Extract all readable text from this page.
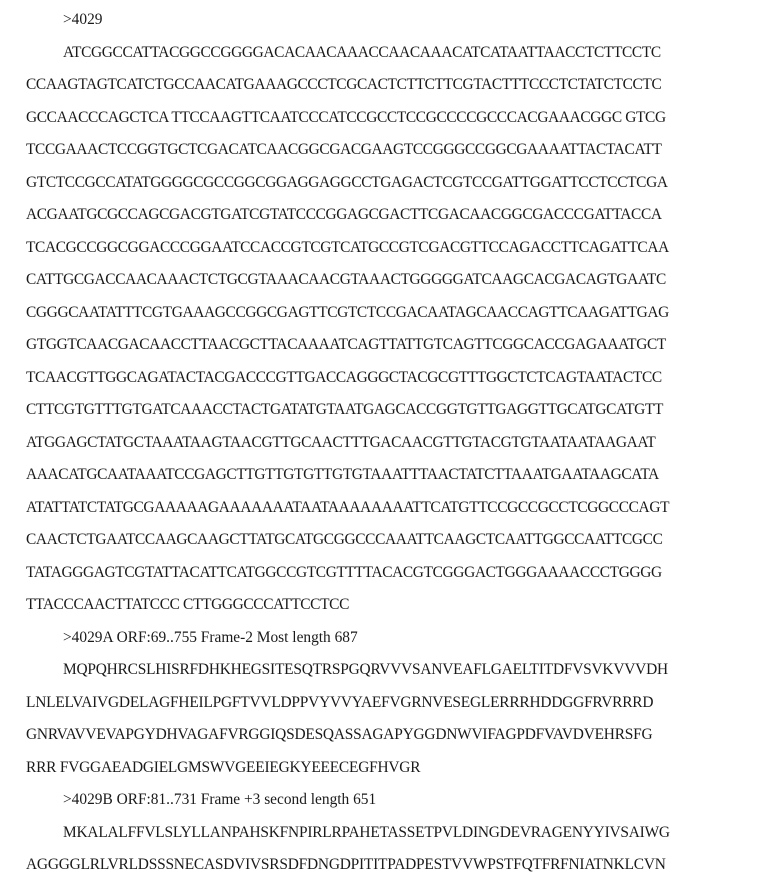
>4029
ATCGGCCATTACGGCCGGGGACACAACAAACCAACAAACATCATAATTAACCTCTTCCTC
CCAAGTAGTCATCTGCCAACATGAAAGCCCTCGCACTCTTCTTCGTACTTTCCCTCTATCTCCTC
GCCAACCCAGCTCA TTCCAAGTTCAATCCCATCCGCCTCCGCCCCGCCCACGAAACGGC GTCG
TCCGAAACTCCGGTGCTCGACATCAACGGCGACGAAGTCCGGGCCGGCGAAAATTACTACATT
GTCTCCGCCATATGGGGCGCCGGCGGAGGAGGCCTGAGACTCGTCCGATTGGATTCCTCCTCGA
ACGAATGCGCCAGCGACGTGATCGTATCCCGGAGCGACTTCGACAACGGCGACCCGATTACCA
TCACGCCGGCGGACCCGGAATCCACCGTCGTCATGCCGTCGACGTTCCAGACCTTCAGATTCAA
CATTGCGACCAACAAACTCTGCGTAAACAACGTAAACTGGGGGATCAAGCACGACAGTGAATC
CGGGCAATATTTCGTGAAAGCCGGCGAGTTCGTCTCCGACAATAGCAACCAGTTCAAGATTGAG
GTGGTCAACGACAACCTTAACGCTTACAAAATCAGTTATTGTCAGTTCGGCACCGAGAAATGCT
TCAACGTTGGCAGATACTACGACCCGTTGACCAGGGCTACGCGTTTGGCTCTCAGTAATACTCC
CTTCGTGTTTGTGATCAAACCTACTGATATGTAATGAGCACCGGTGTTGAGGTTGCATGCATGTT
ATGGAGCTATGCTAAATAAGTAACGTTGCAACTTTGACAACGTTGTACGTGTAATAATAAGAAT
AAACATGCAATAAATCCGAGCTTGTTGTGTTGTGTAAATTTAACTATCTTAAATGAATAAGCATA
ATATTATCTATGCGAAAAAGAAAAAAATAATAAAAAAAATTCATGTTCCGCCGCCTCGGCCCAGT
CAACTCTGAATCCAAGCAAGCTTATGCATGCGGCCCAAATTCAAGCTCAATTGGCCAATTCGCC
TATAGGGAGTCGTATTACATTCATGGCCGTCGTTTTACACGTCGGGACTGGGAAAACCCTGGGG
TTACCCAACTTATCCC CTTGGGCCCATTCCTCC
>4029A ORF:69..755 Frame-2 Most length 687
MQPQHRCSLHISRFDHKHEGSITESQTRSPGQRVVVSANVEAFLGAELTITDFVSVKVVVDH
LNLELVAIVGDELAGFHEILPGFTVVLDPPVYVVYAEFVGRNVESEGLERRRHDDGGFRVRRRD
GNRVAVVEVAPGYDHVAGAFVRGGIQSDESQASSAGAPYGGDNWVIFAGPDFVAVDVEHRSFG
RRR FVGGAEADGIELGMSWVGEEIEGKYEEECEGFHVGR
>4029B ORF:81..731 Frame +3 second length 651
MKALALFFVLSLYLLANPAHSKFNPIRLRPAHETASSETPVLDINGDEVRAGENYYIVSAIWG
AGGGGLRLVRLDSSSNECASDVIVSRSDFDNGDPITITPADPESTVVWPSTFQTFRFNIATNKLCVN
